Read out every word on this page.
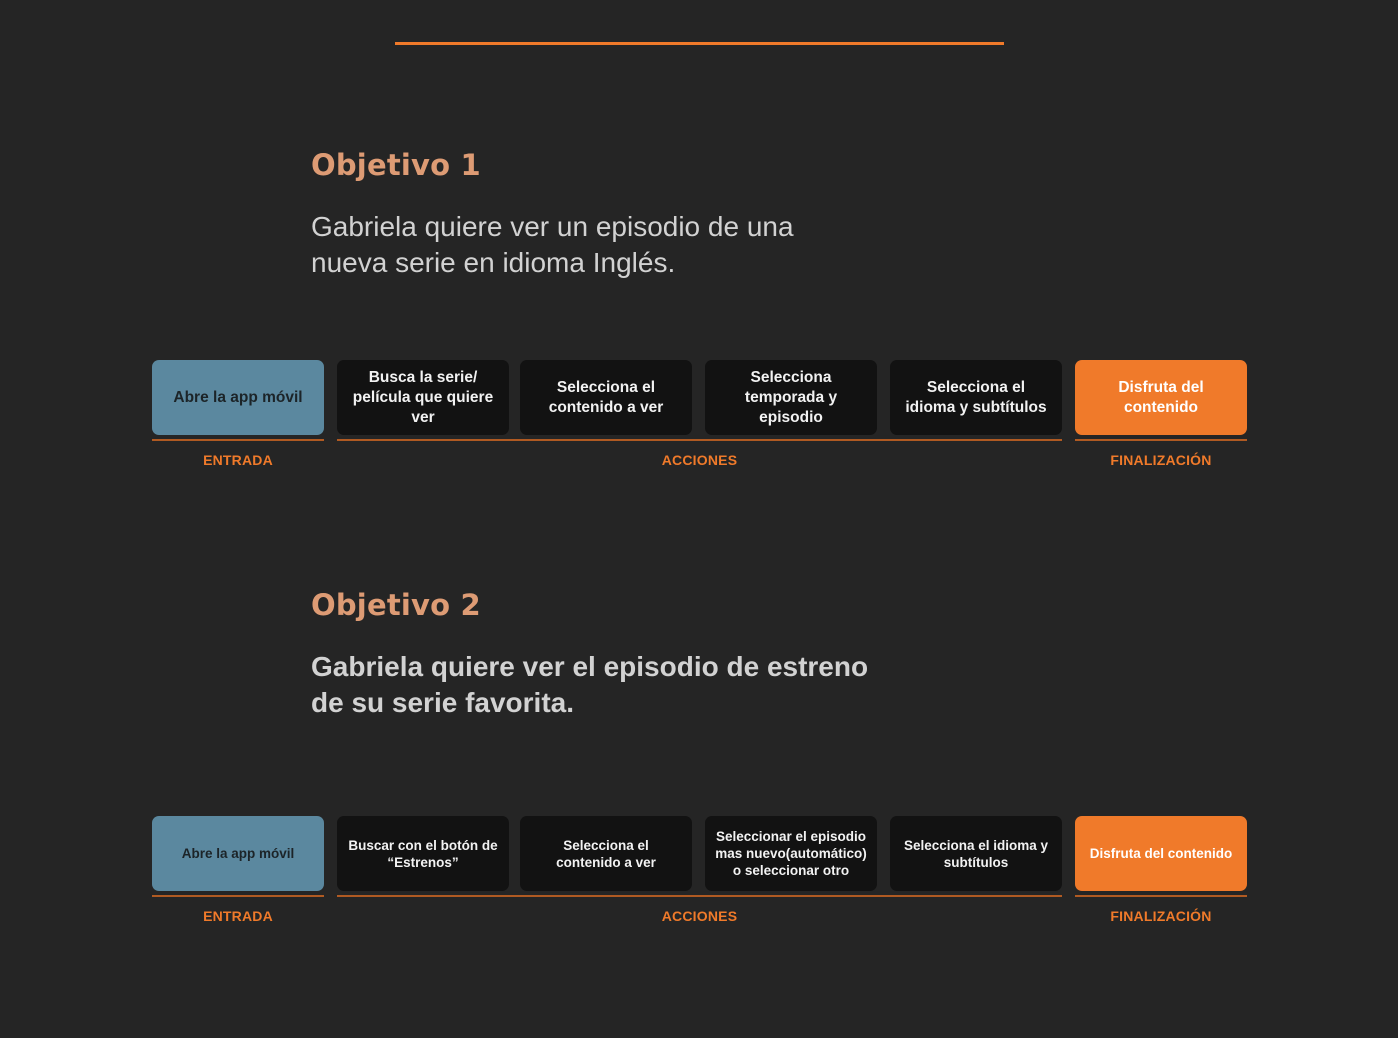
Objetivo 1

Gabriela quiere ver un episodio de una nueva serie en idioma Inglés.

Abre la app móvil
Busca la serie/ película que quiere ver
Selecciona el contenido a ver
Selecciona temporada y episodio
Selecciona el idioma y subtítulos
Disfruta del contenido
ENTRADA	ACCIONES	FINALIZACIÓN
Objetivo 2

Gabriela quiere ver el episodio de estreno de su serie favorita.

Abre la app móvil
Buscar con el botón de “Estrenos”
Selecciona el contenido a ver
Seleccionar el episodio mas nuevo(automático) o seleccionar otro
Selecciona el idioma y subtítulos
Disfruta del contenido
ENTRADA	ACCIONES	FINALIZACIÓN
